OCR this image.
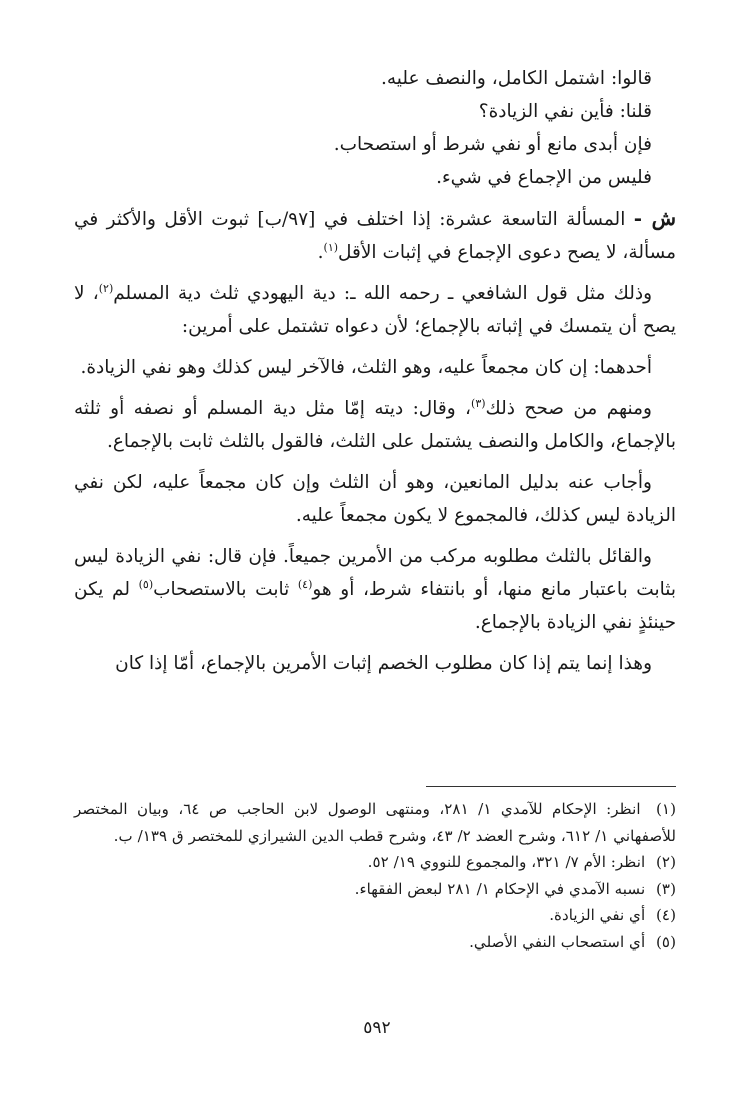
قالوا: اشتمل الكامل، والنصف عليه.

قلنا: فأين نفي الزيادة؟

فإن أبدى مانع أو نفي شرط أو استصحاب.

فليس من الإجماع في شيء.

ش - المسألة التاسعة عشرة: إذا اختلف في [٩٧/ب] ثبوت الأقل والأكثر في مسألة، لا يصح دعوى الإجماع في إثبات الأقل$^{(١)}$.

وذلك مثل قول الشافعي ـ رحمه الله ـ: دية اليهودي ثلث دية المسلم$^{(٢)}$، لا يصح أن يتمسك في إثباته بالإجماع؛ لأن دعواه تشتمل على أمرين:

أحدهما: إن كان مجمعاً عليه، وهو الثلث، فالآخر ليس كذلك وهو نفي الزيادة.

ومنهم من صحح ذلك$^{(٣)}$، وقال: ديته إمّا مثل دية المسلم أو نصفه أو ثلثه بالإجماع، والكامل والنصف يشتمل على الثلث، فالقول بالثلث ثابت بالإجماع.

وأجاب عنه بدليل المانعين، وهو أن الثلث وإن كان مجمعاً عليه، لكن نفي الزيادة ليس كذلك، فالمجموع لا يكون مجمعاً عليه.

والقائل بالثلث مطلوبه مركب من الأمرين جميعاً. فإن قال: نفي الزيادة ليس بثابت باعتبار مانع منها، أو بانتفاء شرط، أو هو$^{(٤)}$ ثابت بالاستصحاب$^{(٥)}$ لم يكن حينئذٍ نفي الزيادة بالإجماع.

وهذا إنما يتم إذا كان مطلوب الخصم إثبات الأمرين بالإجماع، أمّا إذا كان

(١) انظر: الإحكام للآمدي ١/ ٢٨١، ومنتهى الوصول لابن الحاجب ص ٦٤، وبيان المختصر للأصفهاني ١/ ٦١٢، وشرح العضد ٢/ ٤٣، وشرح قطب الدين الشيرازي للمختصر ق ١٣٩/ ب.

(٢) انظر: الأم ٧/ ٣٢١، والمجموع للنووي ١٩/ ٥٢.

(٣) نسبه الآمدي في الإحكام ١/ ٢٨١ لبعض الفقهاء.

(٤) أي نفي الزيادة.

(٥) أي استصحاب النفي الأصلي.

٥٩٢
